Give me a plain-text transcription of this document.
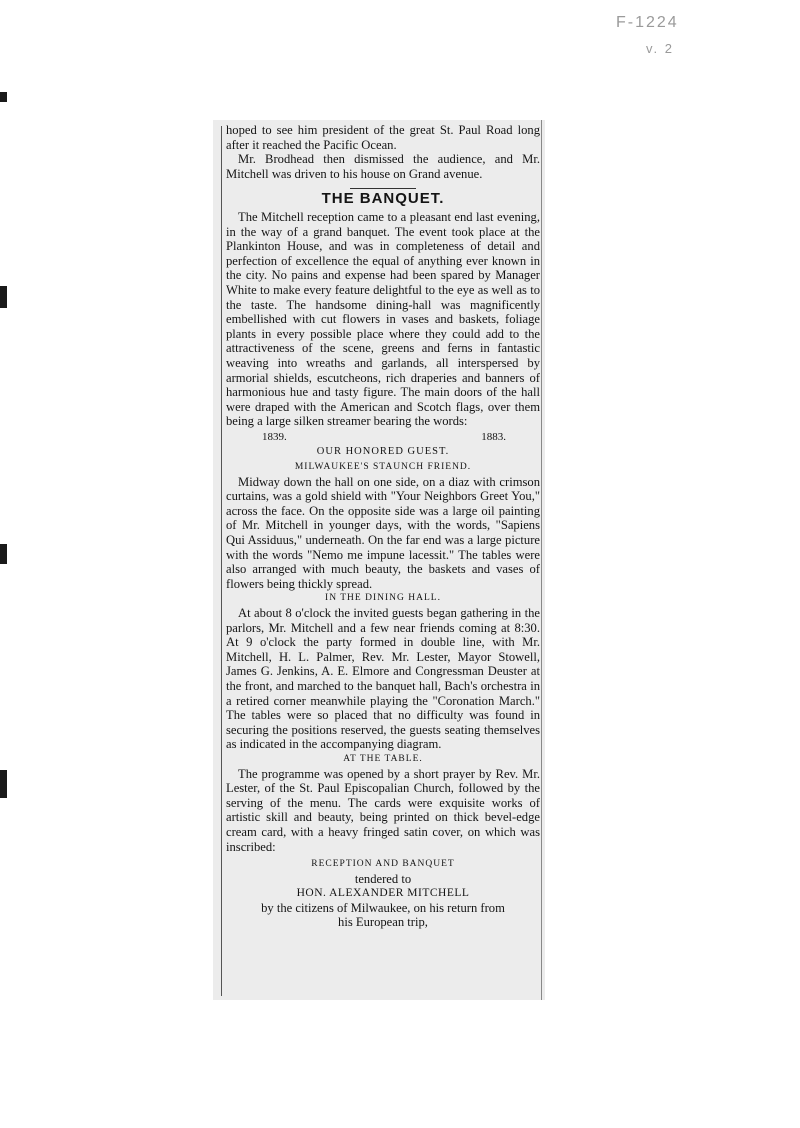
F-1224
v. 2

hoped to see him president of the great St. Paul Road long after it reached the Pacific Ocean.

Mr. Brodhead then dismissed the audience, and Mr. Mitchell was driven to his house on Grand avenue.

THE BANQUET.

The Mitchell reception came to a pleasant end last evening, in the way of a grand banquet. The event took place at the Plankinton House, and was in completeness of detail and perfection of excellence the equal of anything ever known in the city. No pains and expense had been spared by Manager White to make every feature delightful to the eye as well as to the taste. The handsome dining-hall was magnificently embellished with cut flowers in vases and baskets, foliage plants in every possible place where they could add to the attractiveness of the scene, greens and ferns in fantastic weaving into wreaths and garlands, all interspersed by armorial shields, escutcheons, rich draperies and banners of harmonious hue and tasty figure. The main doors of the hall were draped with the American and Scotch flags, over them being a large silken streamer bearing the words:

1839.	1883.
OUR HONORED GUEST.
MILWAUKEE'S STAUNCH FRIEND.

Midway down the hall on one side, on a diaz with crimson curtains, was a gold shield with "Your Neighbors Greet You," across the face. On the opposite side was a large oil painting of Mr. Mitchell in younger days, with the words, "Sapiens Qui Assiduus," underneath. On the far end was a large picture with the words "Nemo me impune lacessit." The tables were also arranged with much beauty, the baskets and vases of flowers being thickly spread.

IN THE DINING HALL.

At about 8 o'clock the invited guests began gathering in the parlors, Mr. Mitchell and a few near friends coming at 8:30. At 9 o'clock the party formed in double line, with Mr. Mitchell, H. L. Palmer, Rev. Mr. Lester, Mayor Stowell, James G. Jenkins, A. E. Elmore and Congressman Deuster at the front, and marched to the banquet hall, Bach's orchestra in a retired corner meanwhile playing the "Coronation March." The tables were so placed that no difficulty was found in securing the positions reserved, the guests seating themselves as indicated in the accompanying diagram.

AT THE TABLE.

The programme was opened by a short prayer by Rev. Mr. Lester, of the St. Paul Episcopalian Church, followed by the serving of the menu. The cards were exquisite works of artistic skill and beauty, being printed on thick bevel-edge cream card, with a heavy fringed satin cover, on which was inscribed:

RECEPTION AND BANQUET
tendered to
HON. ALEXANDER MITCHELL
by the citizens of Milwaukee, on his return from
his European trip,
